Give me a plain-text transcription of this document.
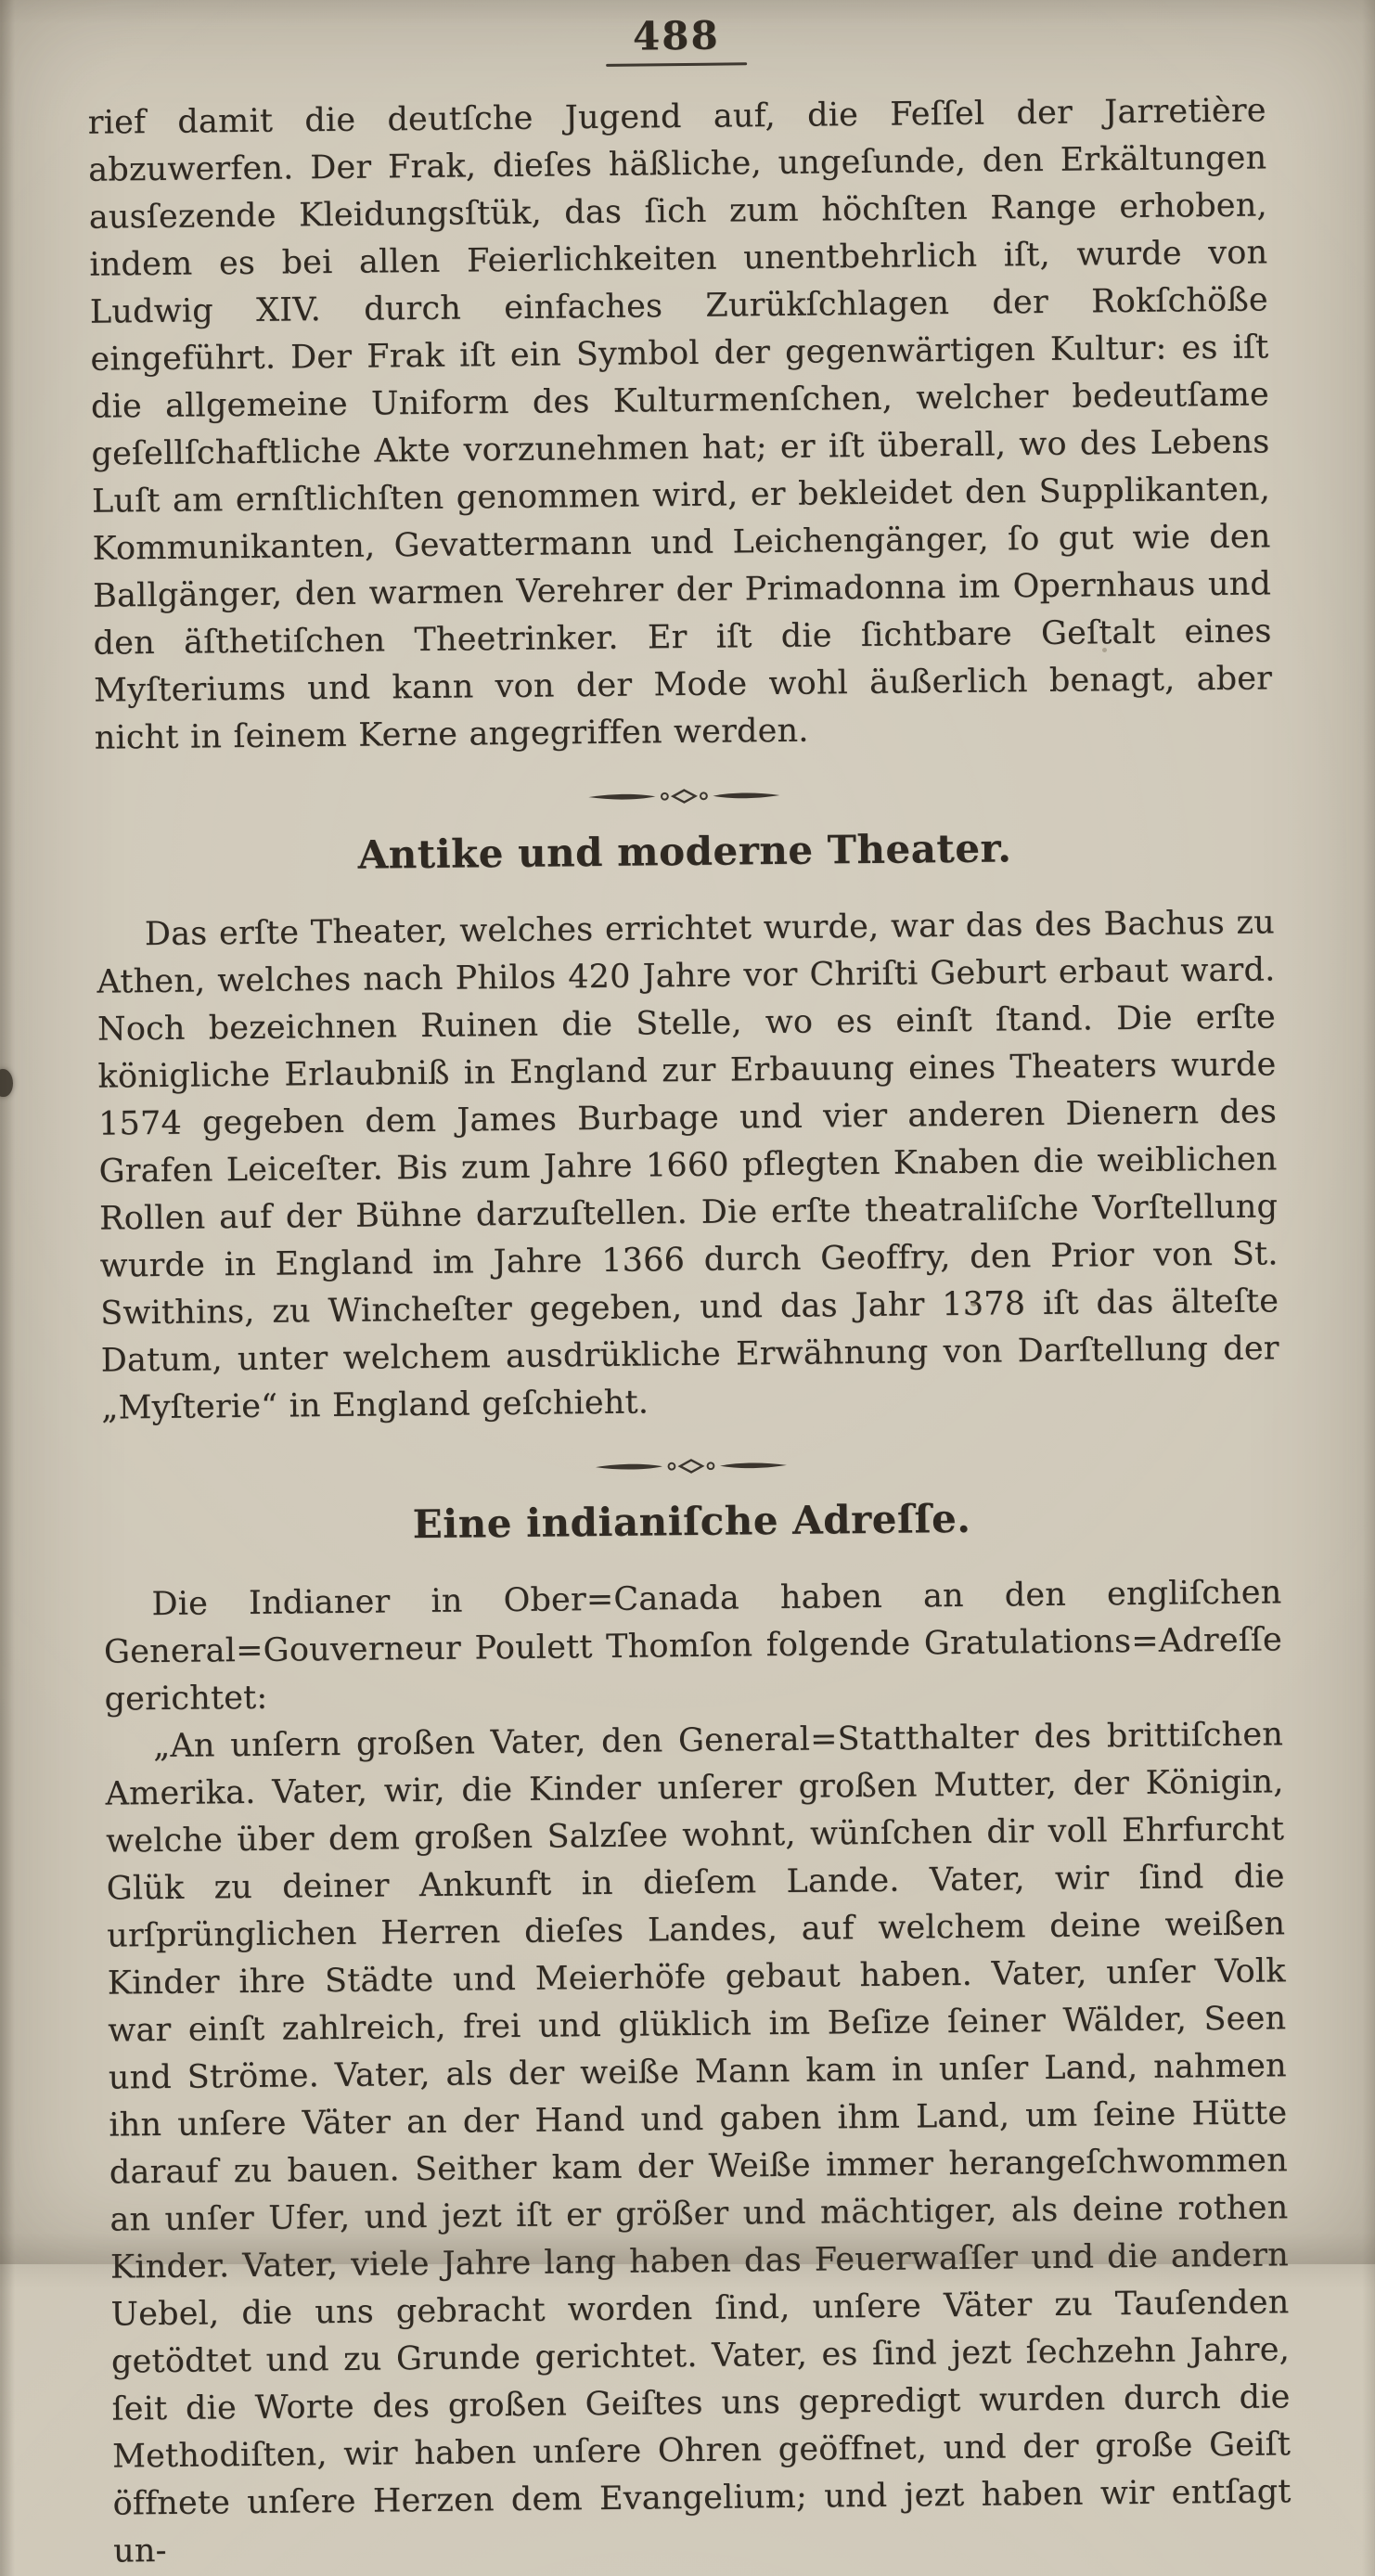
488

rief damit die deutſche Jugend auf, die Feſſel der Jarretière abzuwerfen. Der Frak, dieſes häßliche, ungeſunde, den Erkältungen ausſezende Kleidungsſtük, das ſich zum höchſten Range erhoben, indem es bei allen Feierlichkeiten unentbehrlich iſt, wurde von Ludwig XIV. durch einfaches Zurükſchlagen der Rokſchöße eingeführt. Der Frak iſt ein Symbol der gegenwärtigen Kultur: es iſt die allgemeine Uniform des Kulturmenſchen, welcher bedeutſame geſellſchaftliche Akte vorzunehmen hat; er iſt überall, wo des Lebens Luſt am ernſtlichſten genommen wird, er bekleidet den Supplikanten, Kommunikanten, Gevattermann und Leichengänger, ſo gut wie den Ballgänger, den warmen Verehrer der Primadonna im Opernhaus und den äſthetiſchen Theetrinker. Er iſt die ſichtbare Geſtalt eines Myſteriums und kann von der Mode wohl äußerlich benagt, aber nicht in ſeinem Kerne angegriffen werden.

Antike und moderne Theater.

Das erſte Theater, welches errichtet wurde, war das des Bachus zu Athen, welches nach Philos 420 Jahre vor Chriſti Geburt erbaut ward. Noch bezeichnen Ruinen die Stelle, wo es einſt ſtand. Die erſte königliche Erlaubniß in England zur Erbauung eines Theaters wurde 1574 gegeben dem James Burbage und vier anderen Dienern des Grafen Leiceſter. Bis zum Jahre 1660 pflegten Knaben die weiblichen Rollen auf der Bühne darzuſtellen. Die erſte theatraliſche Vorſtellung wurde in England im Jahre 1366 durch Geoffry, den Prior von St. Swithins, zu Wincheſter gegeben, und das Jahr 1378 iſt das älteſte Datum, unter welchem ausdrükliche Erwähnung von Darſtellung der „Myſterie“ in England geſchieht.

Eine indianiſche Adreſſe.

Die Indianer in Ober=Canada haben an den engliſchen General=Gouverneur Poulett Thomſon folgende Gratulations=Adreſſe gerichtet:

„An unſern großen Vater, den General=Statthalter des brittiſchen Amerika. Vater, wir, die Kinder unſerer großen Mutter, der Königin, welche über dem großen Salzſee wohnt, wünſchen dir voll Ehrfurcht Glük zu deiner Ankunft in dieſem Lande. Vater, wir ſind die urſprünglichen Herren dieſes Landes, auf welchem deine weißen Kinder ihre Städte und Meierhöfe gebaut haben. Vater, unſer Volk war einſt zahlreich, frei und glüklich im Beſize ſeiner Wälder, Seen und Ströme. Vater, als der weiße Mann kam in unſer Land, nahmen ihn unſere Väter an der Hand und gaben ihm Land, um ſeine Hütte darauf zu bauen. Seither kam der Weiße immer herangeſchwommen an unſer Ufer, und jezt iſt er größer und mächtiger, als deine rothen Kinder. Vater, viele Jahre lang haben das Feuerwaſſer und die andern Uebel, die uns gebracht worden ſind, unſere Väter zu Tauſenden getödtet und zu Grunde gerichtet. Vater, es ſind jezt ſechzehn Jahre, ſeit die Worte des großen Geiſtes uns gepredigt wurden durch die Methodiſten, wir haben unſere Ohren geöffnet, und der große Geiſt öffnete unſere Herzen dem Evangelium; und jezt haben wir entſagt un-
